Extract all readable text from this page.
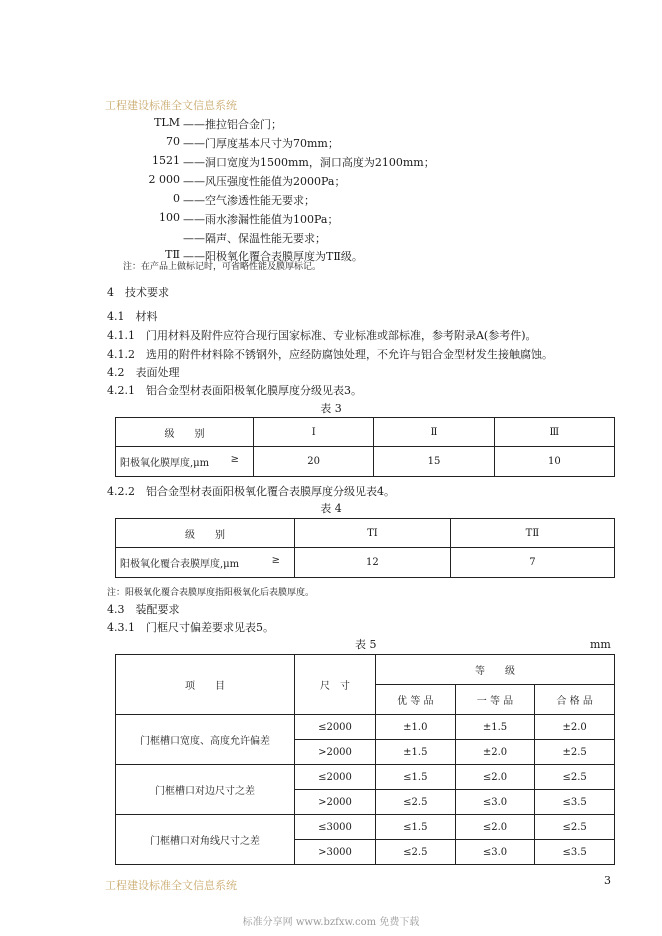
工程建设标准全文信息系统
TLM ——推拉铝合金门；
70 ——门厚度基本尺寸为70mm；
1521 ——洞口宽度为1500mm，洞口高度为2100mm；
2 000 ——风压强度性能值为2000Pa；
0 ——空气渗透性能无要求；
100 ——雨水渗漏性能值为100Pa；
——隔声、保温性能无要求；
TⅡ ——阳极氧化覆合表膜厚度为TⅡ级。
注：在产品上做标记时，可省略性能及膜厚标记。
4　技术要求
4.1　材料
4.1.1　门用材料及附件应符合现行国家标准、专业标准或部标准，参考附录A(参考件)。
4.1.2　选用的附件材料除不锈钢外，应经防腐蚀处理，不允许与铝合金型材发生接触腐蚀。
4.2　表面处理
4.2.1　铝合金型材表面阳极氧化膜厚度分级见表3。
表 3
级　　别	Ⅰ	Ⅱ	Ⅲ
阳极氧化膜厚度,μm ≥	20	15	10
4.2.2　铝合金型材表面阳极氧化覆合表膜厚度分级见表4。
表 4
级　　别	TⅠ	TⅡ
阳极氧化覆合表膜厚度,μm ≥	12	7
注：阳极氧化覆合表膜厚度指阳极氧化后表膜厚度。
4.3　装配要求
4.3.1　门框尺寸偏差要求见表5。
表 5	mm
项　　目	尺　寸	等　　级		
		优 等 品	一 等 品	合 格 品
门框槽口宽度、高度允许偏差	≤2000	±1.0	±1.5	±2.0
	>2000	±1.5	±2.0	±2.5
门框槽口对边尺寸之差	≤2000	≤1.5	≤2.0	≤2.5
	>2000	≤2.5	≤3.0	≤3.5
门框槽口对角线尺寸之差	≤3000	≤1.5	≤2.0	≤2.5
	>3000	≤2.5	≤3.0	≤3.5
工程建设标准全文信息系统	3
标准分享网 www.bzfxw.com 免费下载
